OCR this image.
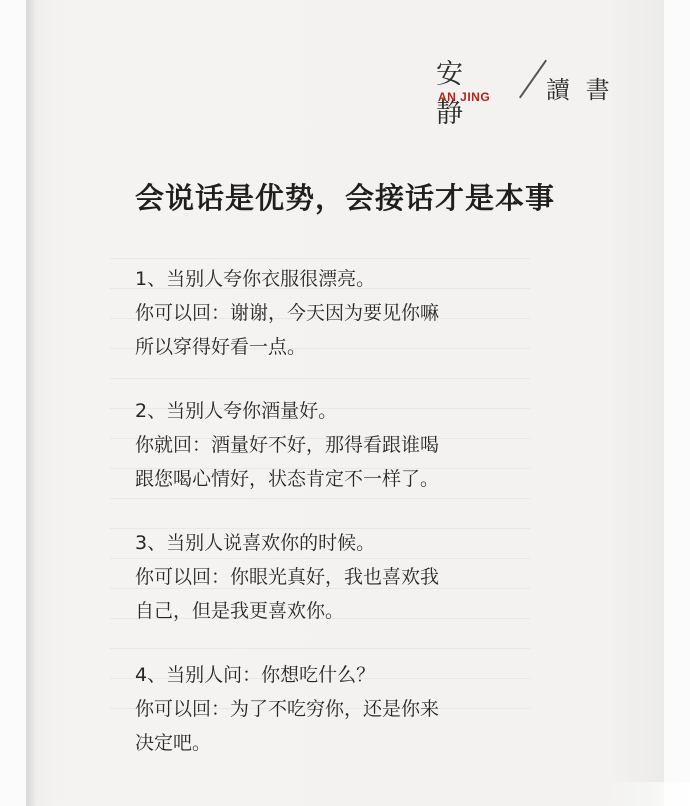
安 静
AN JING 讀 書
会说话是优势，会接话才是本事
1、当别人夸你衣服很漂亮。
你可以回：谢谢，今天因为要见你嘛
所以穿得好看一点。
2、当别人夸你酒量好。
你就回：酒量好不好，那得看跟谁喝
跟您喝心情好，状态肯定不一样了。
3、当别人说喜欢你的时候。
你可以回：你眼光真好，我也喜欢我
自己，但是我更喜欢你。
4、当别人问：你想吃什么？
你可以回：为了不吃穷你，还是你来
决定吧。
